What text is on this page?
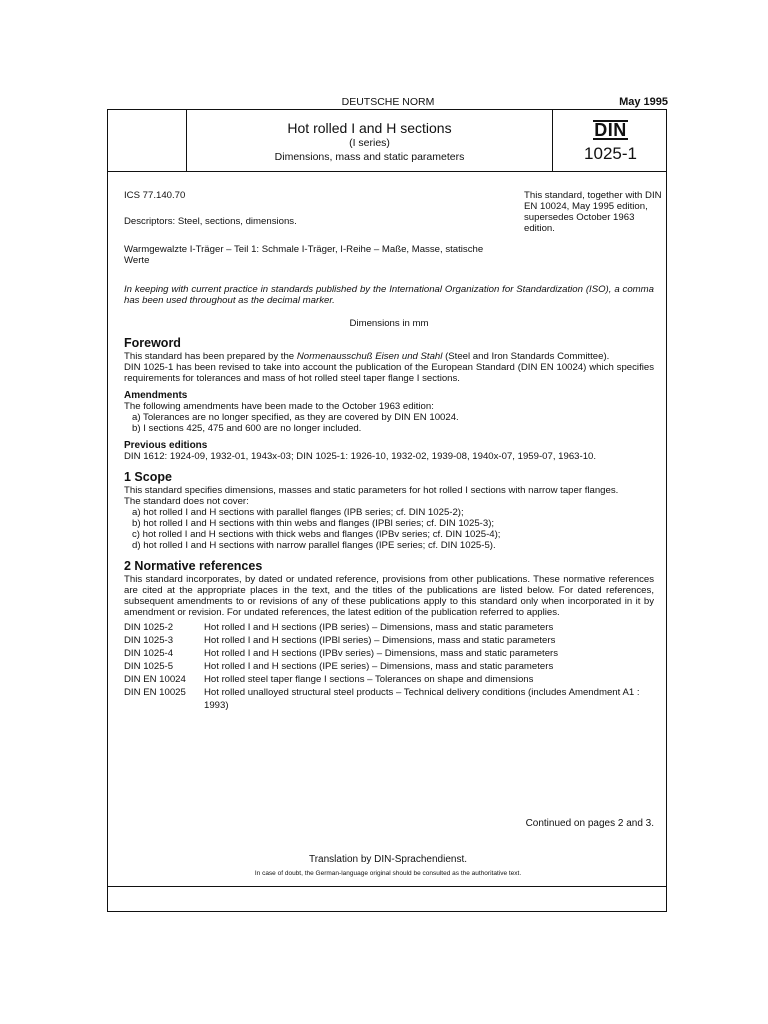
DEUTSCHE NORM	May 1995
Hot rolled I and H sections
(I series)
Dimensions, mass and static parameters
DIN
1025-1
ICS 77.140.70
Descriptors: Steel, sections, dimensions.
Warmgewalzte I-Träger – Teil 1: Schmale I-Träger, I-Reihe – Maße, Masse, statische Werte
This standard, together with DIN EN 10024, May 1995 edition, supersedes October 1963 edition.
In keeping with current practice in standards published by the International Organization for Standardization (ISO), a comma has been used throughout as the decimal marker.
Dimensions in mm
Foreword

This standard has been prepared by the Normenausschuß Eisen und Stahl (Steel and Iron Standards Committee).

DIN 1025-1 has been revised to take into account the publication of the European Standard (DIN EN 10024) which specifies requirements for tolerances and mass of hot rolled steel taper flange I sections.

Amendments

The following amendments have been made to the October 1963 edition:

a) Tolerances are no longer specified, as they are covered by DIN EN 10024.

b) I sections 425, 475 and 600 are no longer included.

Previous editions

DIN 1612: 1924-09, 1932-01, 1943x-03; DIN 1025-1: 1926-10, 1932-02, 1939-08, 1940x-07, 1959-07, 1963-10.

1 Scope

This standard specifies dimensions, masses and static parameters for hot rolled I sections with narrow taper flanges.

The standard does not cover:

a) hot rolled I and H sections with parallel flanges (IPB series; cf. DIN 1025-2);

b) hot rolled I and H sections with thin webs and flanges (IPBl series; cf. DIN 1025-3);

c) hot rolled I and H sections with thick webs and flanges (IPBv series; cf. DIN 1025-4);

d) hot rolled I and H sections with narrow parallel flanges (IPE series; cf. DIN 1025-5).

2 Normative references

This standard incorporates, by dated or undated reference, provisions from other publications. These normative references are cited at the appropriate places in the text, and the titles of the publications are listed below. For dated references, subsequent amendments to or revisions of any of these publications apply to this standard only when incorporated in it by amendment or revision. For undated references, the latest edition of the publication referred to applies.

DIN 1025-2	Hot rolled I and H sections (IPB series) – Dimensions, mass and static parameters
DIN 1025-3	Hot rolled I and H sections (IPBl series) – Dimensions, mass and static parameters
DIN 1025-4	Hot rolled I and H sections (IPBv series) – Dimensions, mass and static parameters
DIN 1025-5	Hot rolled I and H sections (IPE series) – Dimensions, mass and static parameters
DIN EN 10024	Hot rolled steel taper flange I sections – Tolerances on shape and dimensions
DIN EN 10025	Hot rolled unalloyed structural steel products – Technical delivery conditions (includes Amendment A1 : 1993)
Continued on pages 2 and 3.
Translation by DIN-Sprachendienst.
In case of doubt, the German-language original should be consulted as the authoritative text.
